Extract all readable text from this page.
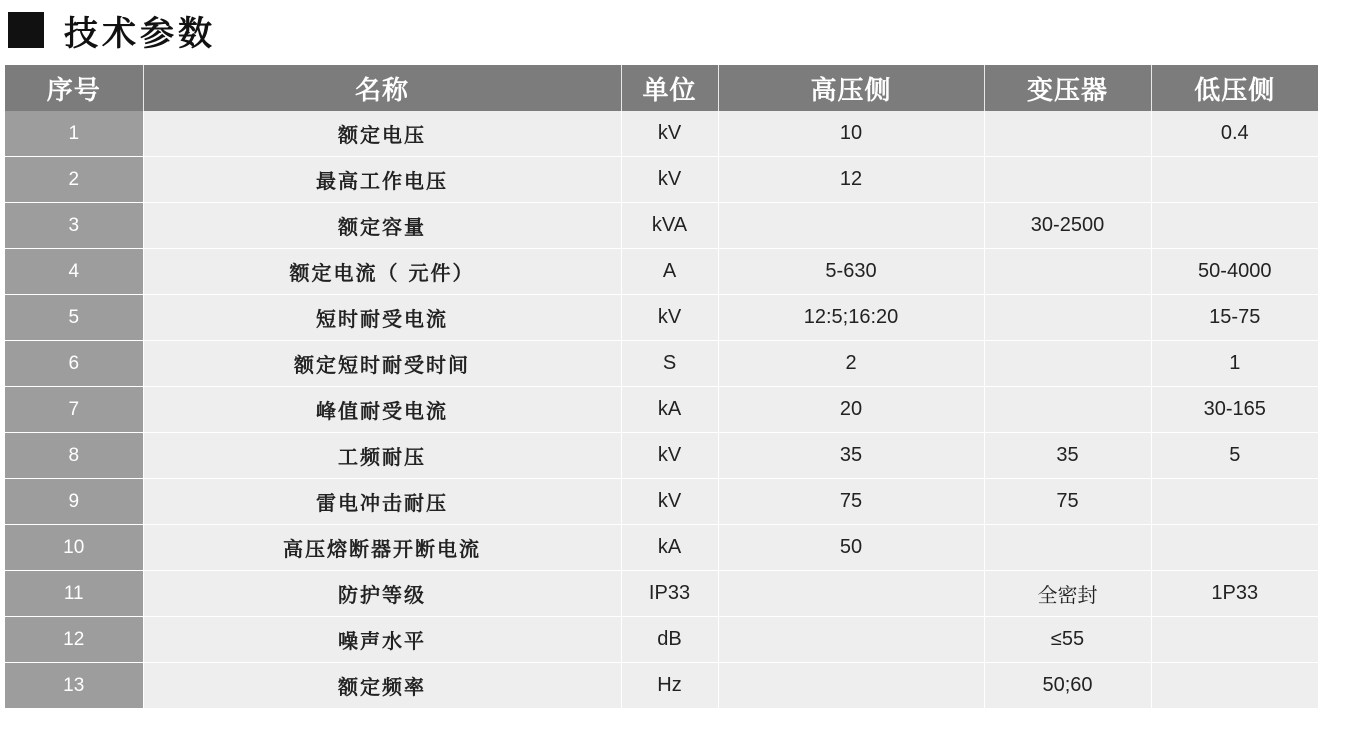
技术参数
序号	名称	单位	高压侧	变压器	低压侧
1	额定电压	kV	10		0.4
2	最高工作电压	kV	12		
3	额定容量	kVA		30-2500	
4	额定电流（ 元件）	A	5-630		50-4000
5	短时耐受电流	kV	12:5;16:20		15-75
6	额定短时耐受时间	S	2		1
7	峰值耐受电流	kA	20		30-165
8	工频耐压	kV	35	35	5
9	雷电冲击耐压	kV	75	75	
10	高压熔断器开断电流	kA	50		
11	防护等级	IP33		全密封	1P33
12	噪声水平	dB		≤55	
13	额定频率	Hz		50;60	
